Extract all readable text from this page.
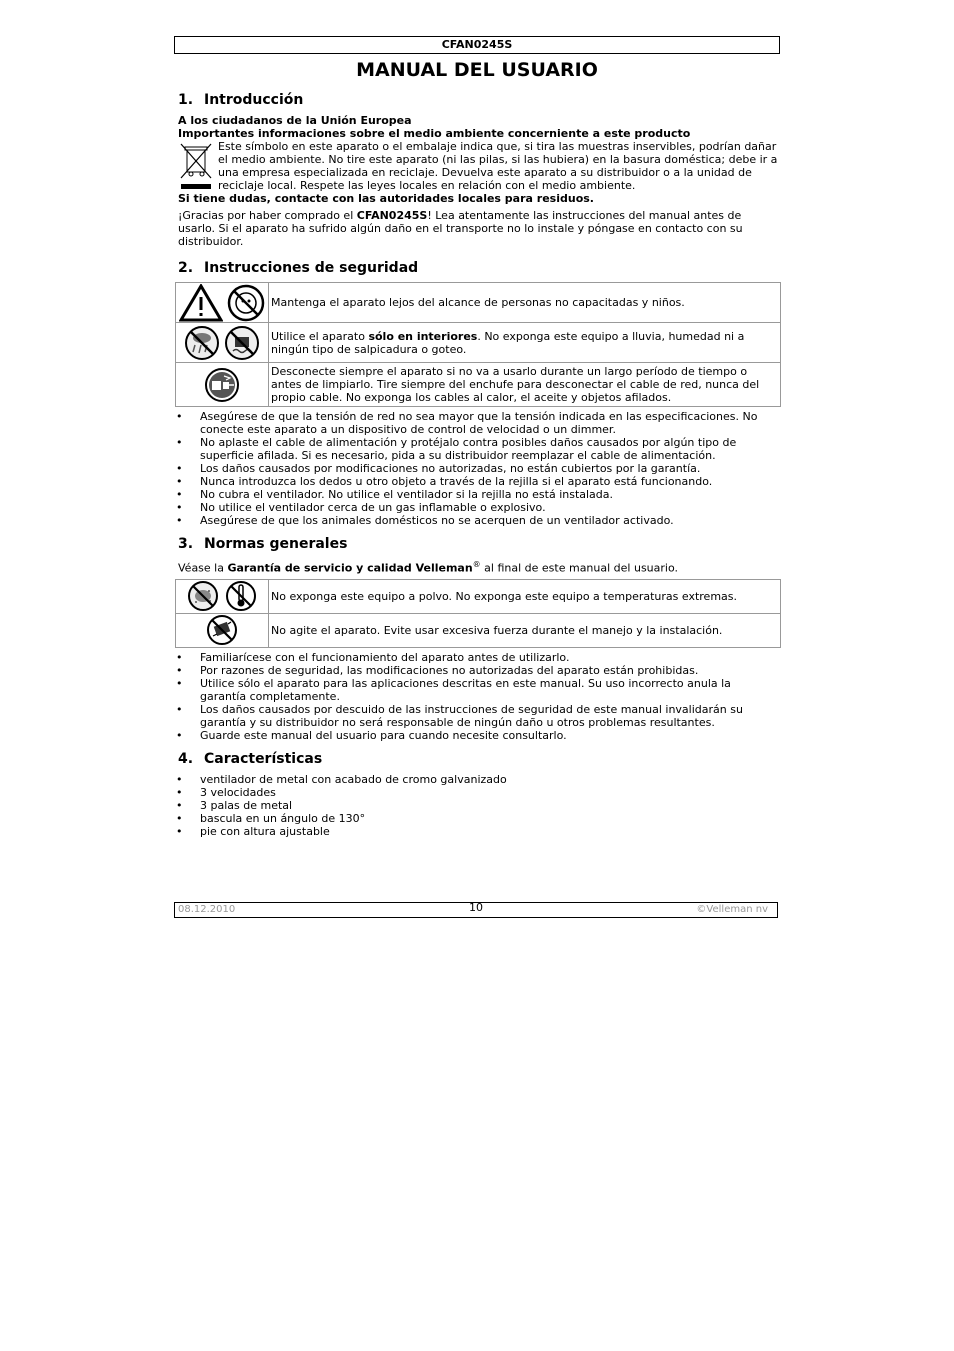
CFAN0245S
MANUAL DEL USUARIO
1. Introducción

A los ciudadanos de la Unión Europea

Importantes informaciones sobre el medio ambiente concerniente a este producto

Este símbolo en este aparato o el embalaje indica que, si tira las muestras inservibles, podrían dañar el medio ambiente. No tire este aparato (ni las pilas, si las hubiera) en la basura doméstica; debe ir a una empresa especializada en reciclaje. Devuelva este aparato a su distribuidor o a la unidad de reciclaje local. Respete las leyes locales en relación con el medio ambiente.

Si tiene dudas, contacte con las autoridades locales para residuos.

¡Gracias por haber comprado el CFAN0245S! Lea atentamente las instrucciones del manual antes de usarlo. Si el aparato ha sufrido algún daño en el transporte no lo instale y póngase en contacto con su distribuidor.

2. Instrucciones de seguridad
	Mantenga el aparato lejos del alcance de personas no capacitadas y niños.
	Utilice el aparato sólo en interiores. No exponga este equipo a lluvia, humedad ni a ningún tipo de salpicadura o goteo.
	Desconecte siempre el aparato si no va a usarlo durante un largo período de tiempo o antes de limpiarlo. Tire siempre del enchufe para desconectar el cable de red, nunca del propio cable. No exponga los cables al calor, el aceite y objetos afilados.
• Asegúrese de que la tensión de red no sea mayor que la tensión indicada en las especificaciones. No conecte este aparato a un dispositivo de control de velocidad o un dimmer.
• No aplaste el cable de alimentación y protéjalo contra posibles daños causados por algún tipo de superficie afilada. Si es necesario, pida a su distribuidor reemplazar el cable de alimentación.
• Los daños causados por modificaciones no autorizadas, no están cubiertos por la garantía.
• Nunca introduzca los dedos u otro objeto a través de la rejilla si el aparato está funcionando.
• No cubra el ventilador. No utilice el ventilador si la rejilla no está instalada.
• No utilice el ventilador cerca de un gas inflamable o explosivo.
• Asegúrese de que los animales domésticos no se acerquen de un ventilador activado.
3. Normas generales

Véase la Garantía de servicio y calidad Velleman® al final de este manual del usuario.

	No exponga este equipo a polvo. No exponga este equipo a temperaturas extremas.
	No agite el aparato. Evite usar excesiva fuerza durante el manejo y la instalación.
• Familiarícese con el funcionamiento del aparato antes de utilizarlo.
• Por razones de seguridad, las modificaciones no autorizadas del aparato están prohibidas.
• Utilice sólo el aparato para las aplicaciones descritas en este manual. Su uso incorrecto anula la garantía completamente.
• Los daños causados por descuido de las instrucciones de seguridad de este manual invalidarán su garantía y su distribuidor no será responsable de ningún daño u otros problemas resultantes.
• Guarde este manual del usuario para cuando necesite consultarlo.
4. Características
• ventilador de metal con acabado de cromo galvanizado
• 3 velocidades
• 3 palas de metal
• bascula en un ángulo de 130°
• pie con altura ajustable
08.12.2010	10	©Velleman nv
